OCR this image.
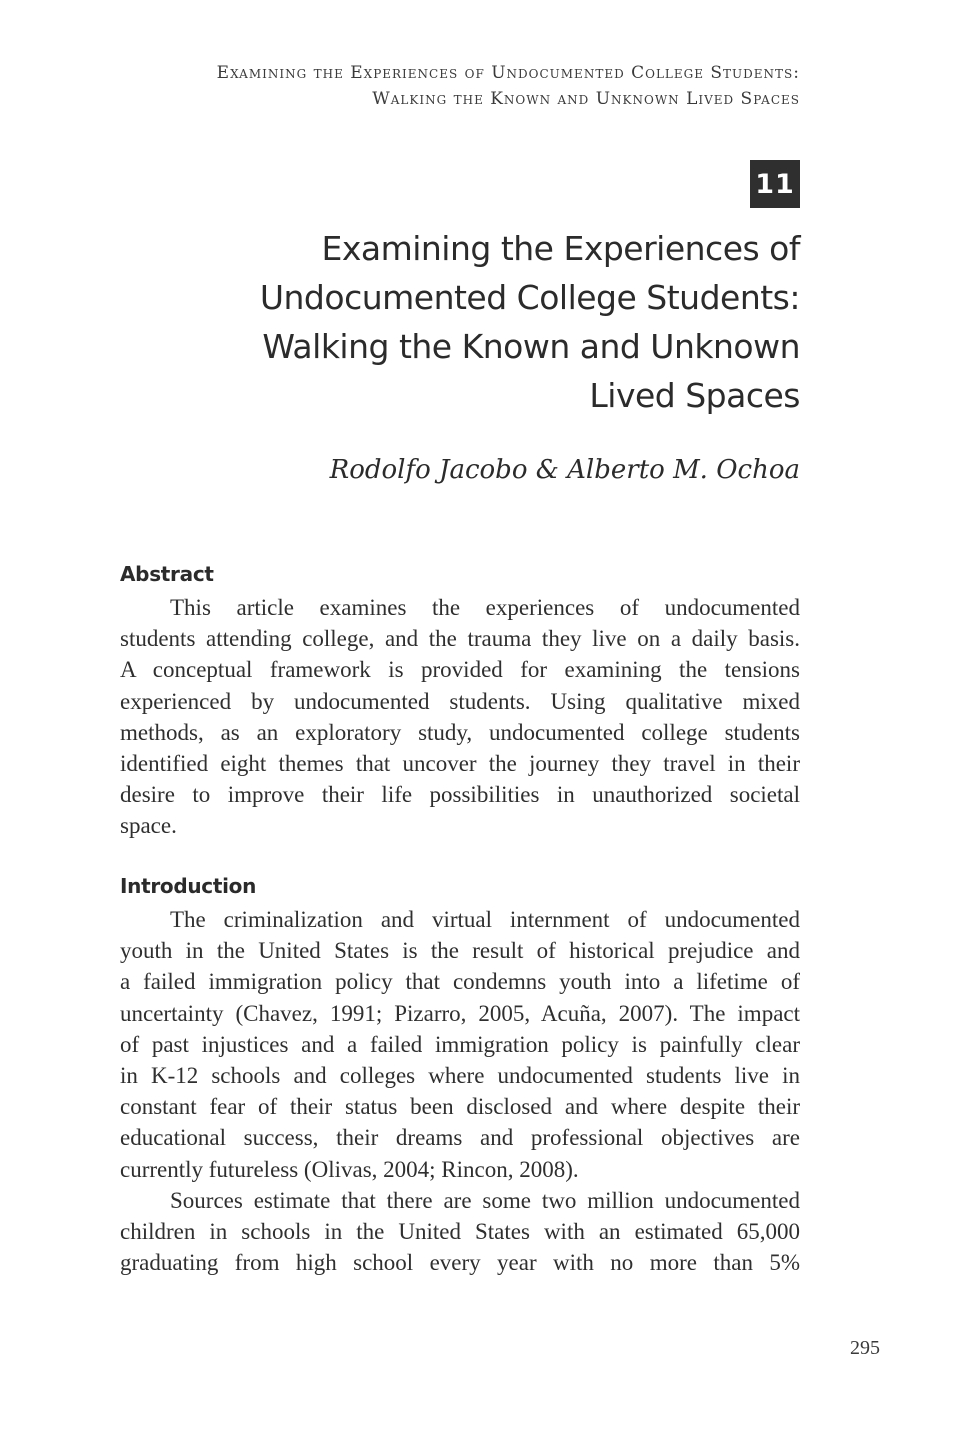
Examining the Experiences of Undocumented College Students:
Walking the Known and Unknown Lived Spaces
11
Examining the Experiences of
Undocumented College Students:
Walking the Known and Unknown
Lived Spaces
Rodolfo Jacobo & Alberto M. Ochoa
Abstract
This article examines the experiences of undocumented
students attending college, and the trauma they live on a daily basis.
A conceptual framework is provided for examining the tensions
experienced by undocumented students. Using qualitative mixed
methods, as an exploratory study, undocumented college students
identified eight themes that uncover the journey they travel in their
desire to improve their life possibilities in unauthorized societal
space.
Introduction
The criminalization and virtual internment of undocumented
youth in the United States is the result of historical prejudice and
a failed immigration policy that condemns youth into a lifetime of
uncertainty (Chavez, 1991; Pizarro, 2005, Acuña, 2007). The impact
of past injustices and a failed immigration policy is painfully clear
in K-12 schools and colleges where undocumented students live in
constant fear of their status been disclosed and where despite their
educational success, their dreams and professional objectives are
currently futureless (Olivas, 2004; Rincon, 2008).
Sources estimate that there are some two million undocumented
children in schools in the United States with an estimated 65,000
graduating from high school every year with no more than 5%
295
